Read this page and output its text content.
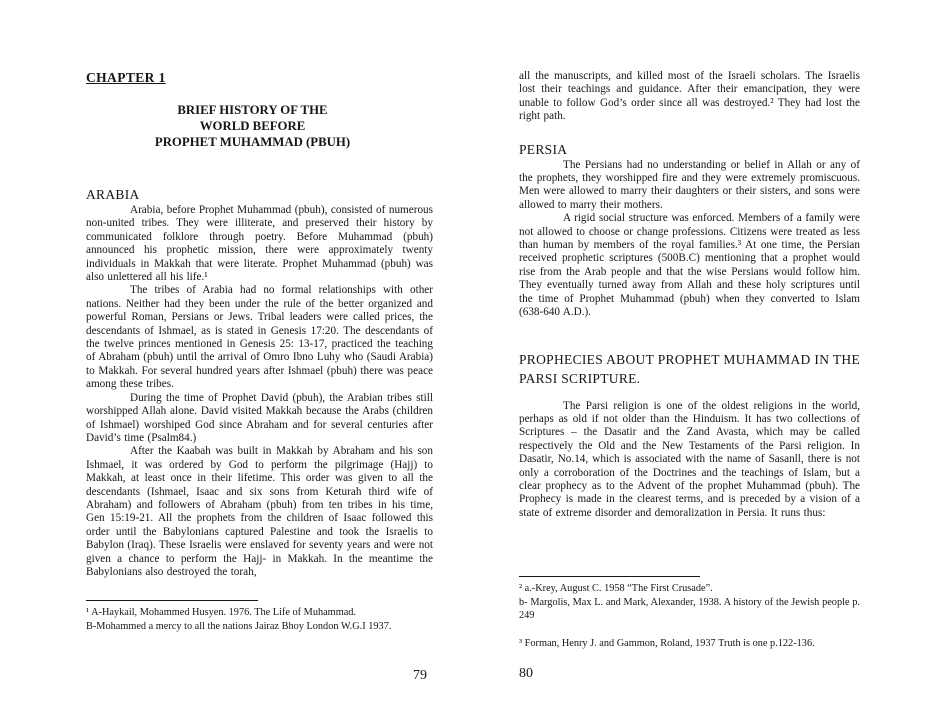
CHAPTER 1
BRIEF HISTORY OF THE
WORLD BEFORE
PROPHET MUHAMMAD (PBUH)
ARABIA

Arabia, before Prophet Muhammad (pbuh), consisted of numerous non-united tribes. They were illiterate, and preserved their history by communicated folklore through poetry. Before Muhammad (pbuh) announced his prophetic mission, there were approximately twenty individuals in Makkah that were literate. Prophet Muhammad (pbuh) was also unlettered all his life.¹

The tribes of Arabia had no formal relationships with other nations. Neither had they been under the rule of the better organized and powerful Roman, Persians or Jews. Tribal leaders were called prices, the descendants of Ishmael, as is stated in Genesis 17:20. The descendants of the twelve princes mentioned in Genesis 25: 13-17, practiced the teaching of Abraham (pbuh) until the arrival of Omro Ibno Luhy who (Saudi Arabia) to Makkah. For several hundred years after Ishmael (pbuh) there was peace among these tribes.

During the time of Prophet David (pbuh), the Arabian tribes still worshipped Allah alone. David visited Makkah because the Arabs (children of Ishmael) worshiped God since Abraham and for several centuries after David’s time (Psalm84.)

After the Kaabah was built in Makkah by Abraham and his son Ishmael, it was ordered by God to perform the pilgrimage (Hajj) to Makkah, at least once in their lifetime. This order was given to all the descendants (Ishmael, Isaac and six sons from Keturah third wife of Abraham) and followers of Abraham (pbuh) from ten tribes in his time, Gen 15:19-21. All the prophets from the children of Isaac followed this order until the Babylonians captured Palestine and took the Israelis to Babylon (Iraq). These Israelis were enslaved for seventy years and were not given a chance to perform the Hajj- in Makkah. In the meantime the Babylonians also destroyed the torah,

¹ A-Haykail, Mohammed Husyen. 1976. The Life of Muhammad.

B-Mohammed a mercy to all the nations Jairaz Bhoy London W.G.I 1937.

79

all the manuscripts, and killed most of the Israeli scholars. The Israelis lost their teachings and guidance. After their emancipation, they were unable to follow God’s order since all was destroyed.² They had lost the right path.

PERSIA

The Persians had no understanding or belief in Allah or any of the prophets, they worshipped fire and they were extremely promiscuous. Men were allowed to marry their daughters or their sisters, and sons were allowed to marry their mothers.

A rigid social structure was enforced. Members of a family were not allowed to choose or change professions. Citizens were treated as less than human by members of the royal families.³ At one time, the Persian received prophetic scriptures (500B.C) mentioning that a prophet would rise from the Arab people and that the wise Persians would follow him. They eventually turned away from Allah and these holy scriptures until the time of Prophet Muhammad (pbuh) when they converted to Islam (638-640 A.D.).

PROPHECIES ABOUT PROPHET MUHAMMAD IN THE PARSI SCRIPTURE.

The Parsi religion is one of the oldest religions in the world, perhaps as old if not older than the Hinduism. It has two collections of Scriptures – the Dasatir and the Zand Avasta, which may be called respectively the Old and the New Testaments of the Parsi religion. In Dasatir, No.14, which is associated with the name of Sasanll, there is not only a corroboration of the Doctrines and the teachings of Islam, but a clear prophecy as to the Advent of the prophet Muhammad (pbuh). The Prophecy is made in the clearest terms, and is preceded by a vision of a state of extreme disorder and demoralization in Persia. It runs thus:

² a.-Krey, August C. 1958 “The First Crusade”.

b- Margolis, Max L. and Mark, Alexander, 1938. A history of the Jewish people p. 249

³ Forman, Henry J. and Gammon, Roland, 1937 Truth is one p.122-136.

80
